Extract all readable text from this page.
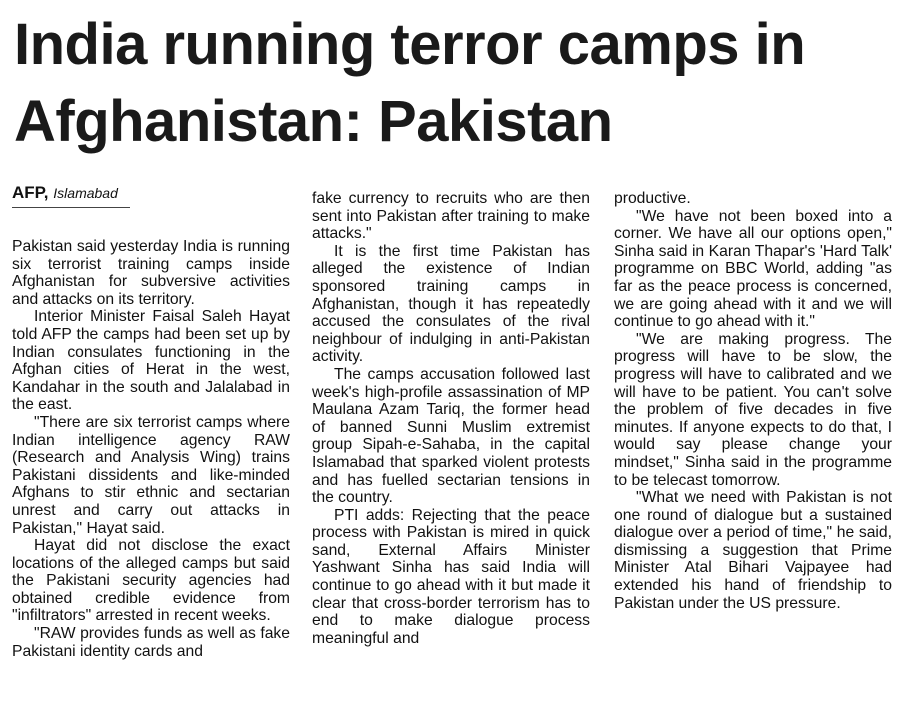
India running terror camps in Afghanistan: Pakistan
AFP, Islamabad

Pakistan said yesterday India is running six terrorist training camps inside Afghanistan for subversive activities and attacks on its territory.

Interior Minister Faisal Saleh Hayat told AFP the camps had been set up by Indian consulates functioning in the Afghan cities of Herat in the west, Kandahar in the south and Jalalabad in the east.

"There are six terrorist camps where Indian intelligence agency RAW (Research and Analysis Wing) trains Pakistani dissidents and like-minded Afghans to stir ethnic and sectarian unrest and carry out attacks in Pakistan," Hayat said.

Hayat did not disclose the exact locations of the alleged camps but said the Pakistani security agencies had obtained credible evidence from "infiltrators" arrested in recent weeks.

"RAW provides funds as well as fake Pakistani identity cards and

fake currency to recruits who are then sent into Pakistan after training to make attacks."

It is the first time Pakistan has alleged the existence of Indian sponsored training camps in Afghanistan, though it has repeatedly accused the consulates of the rival neighbour of indulging in anti-Pakistan activity.

The camps accusation followed last week's high-profile assassination of MP Maulana Azam Tariq, the former head of banned Sunni Muslim extremist group Sipah-e-Sahaba, in the capital Islamabad that sparked violent protests and has fuelled sectarian tensions in the country.

PTI adds: Rejecting that the peace process with Pakistan is mired in quick sand, External Affairs Minister Yashwant Sinha has said India will continue to go ahead with it but made it clear that cross-border terrorism has to end to make dialogue process meaningful and

productive.

"We have not been boxed into a corner. We have all our options open," Sinha said in Karan Thapar's 'Hard Talk' programme on BBC World, adding "as far as the peace process is concerned, we are going ahead with it and we will continue to go ahead with it."

"We are making progress. The progress will have to be slow, the progress will have to calibrated and we will have to be patient. You can't solve the problem of five decades in five minutes. If anyone expects to do that, I would say please change your mindset," Sinha said in the programme to be telecast tomorrow.

"What we need with Pakistan is not one round of dialogue but a sustained dialogue over a period of time," he said, dismissing a suggestion that Prime Minister Atal Bihari Vajpayee had extended his hand of friendship to Pakistan under the US pressure.
